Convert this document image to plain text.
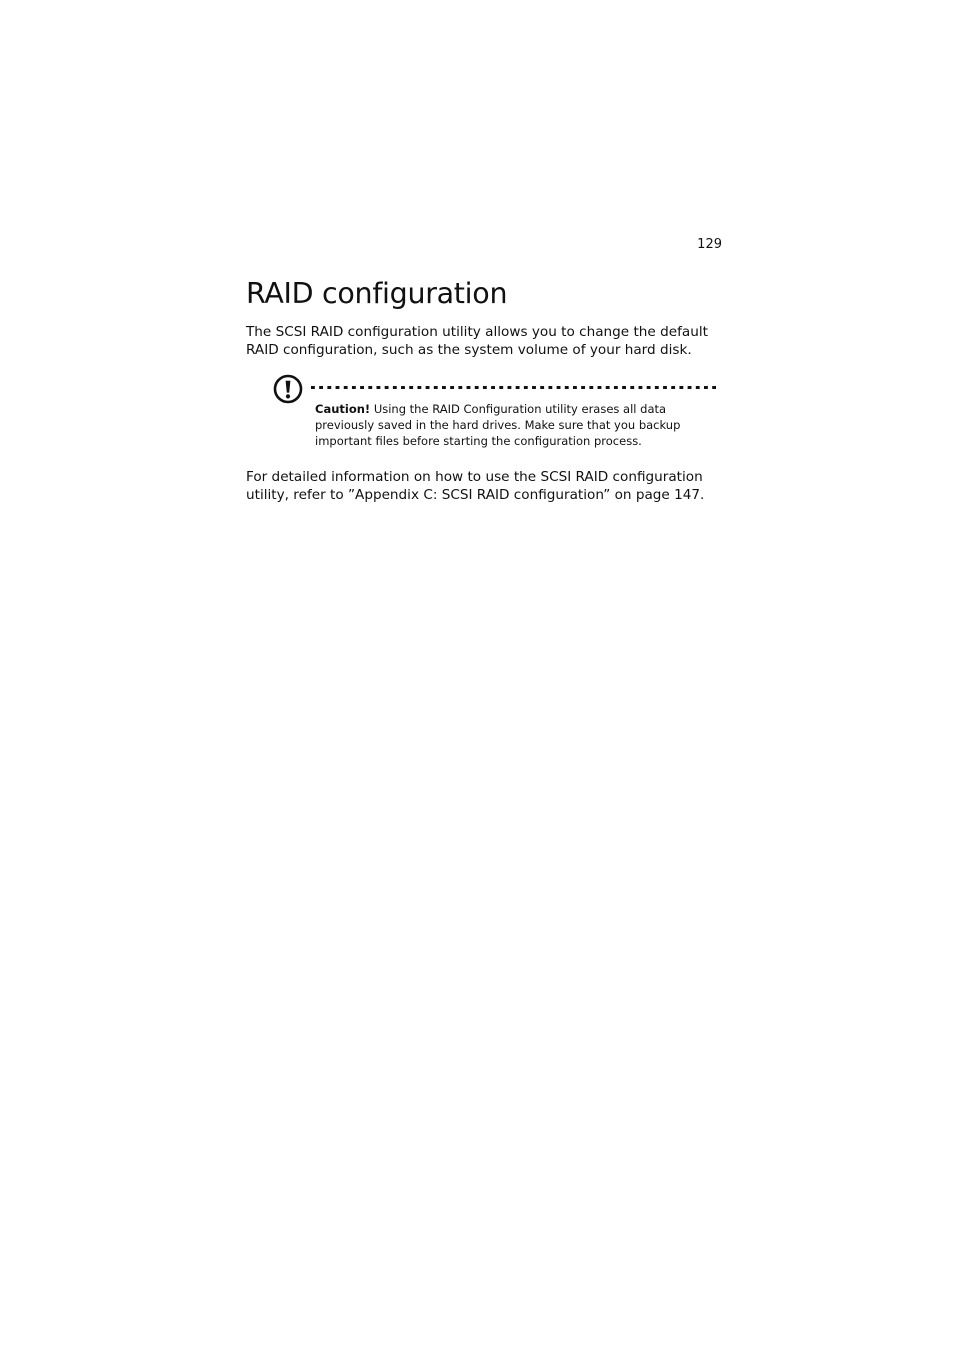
129
RAID configuration

The SCSI RAID configuration utility allows you to change the default
RAID configuration, such as the system volume of your hard disk.

Caution! Using the RAID Configuration utility erases all data
previously saved in the hard drives. Make sure that you backup
important files before starting the configuration process.

For detailed information on how to use the SCSI RAID configuration
utility, refer to ”Appendix C: SCSI RAID configuration” on page 147.
